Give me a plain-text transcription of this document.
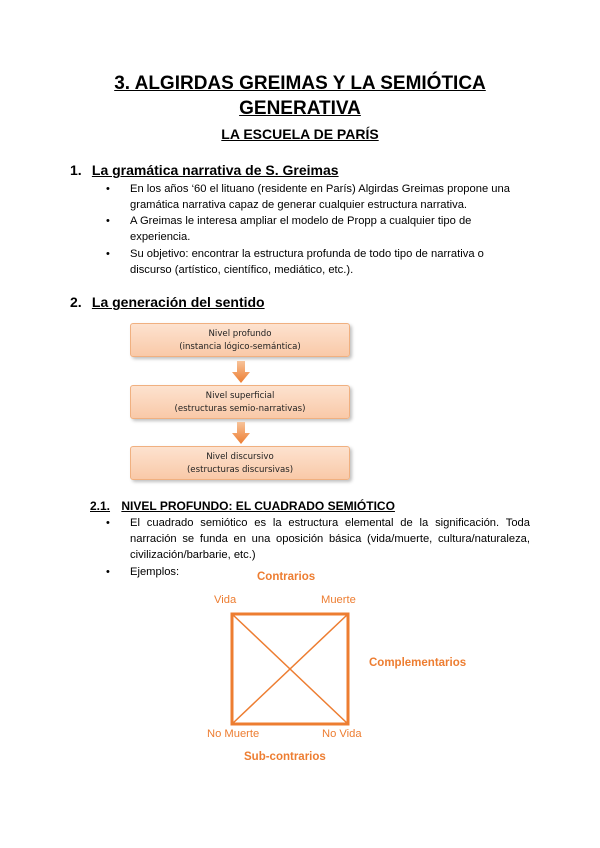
3. ALGIRDAS GREIMAS Y LA SEMIÓTICA
GENERATIVA
LA ESCUELA DE PARÍS
1. La gramática narrativa de S. Greimas
• En los años ‘60 el lituano (residente en París) Algirdas Greimas propone una
gramática narrativa capaz de generar cualquier estructura narrativa.
• A Greimas le interesa ampliar el modelo de Propp a cualquier tipo de
experiencia.
• Su objetivo: encontrar la estructura profunda de todo tipo de narrativa o
discurso (artístico, científico, mediático, etc.).
2. La generación del sentido
Nivel profundo
(instancia lógico-semántica)
Nivel superficial
(estructuras semio-narrativas)
Nivel discursivo
(estructuras discursivas)
2.1. NIVEL PROFUNDO: EL CUADRADO SEMIÓTICO
• El cuadrado semiótico es la estructura elemental de la significación. Toda
narración se funda en una oposición básica (vida/muerte, cultura/naturaleza,
civilización/barbarie, etc.)
• Ejemplos:	Contrarios
Vida	Muerte
Complementarios
No Muerte	No Vida
Sub-contrarios
